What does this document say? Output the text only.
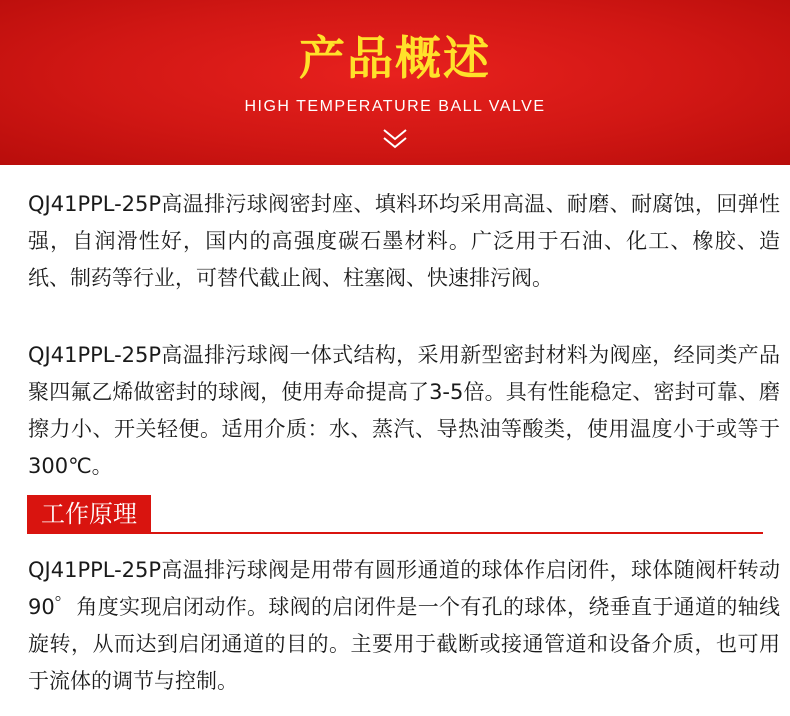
产品概述
HIGH TEMPERATURE BALL VALVE
QJ41PPL-25P高温排污球阀密封座、填料环均采用高温、耐磨、耐腐蚀，回弹性强，自润滑性好，国内的高强度碳石墨材料。广泛用于石油、化工、橡胶、造纸、制药等行业，可替代截止阀、柱塞阀、快速排污阀。
QJ41PPL-25P高温排污球阀一体式结构，采用新型密封材料为阀座，经同类产品聚四氟乙烯做密封的球阀，使用寿命提高了3-5倍。具有性能稳定、密封可靠、磨擦力小、开关轻便。适用介质：水、蒸汽、导热油等酸类，使用温度小于或等于300℃。
工作原理
QJ41PPL-25P高温排污球阀是用带有圆形通道的球体作启闭件，球体随阀杆转动90゜角度实现启闭动作。球阀的启闭件是一个有孔的球体，绕垂直于通道的轴线旋转，从而达到启闭通道的目的。主要用于截断或接通管道和设备介质，也可用于流体的调节与控制。
